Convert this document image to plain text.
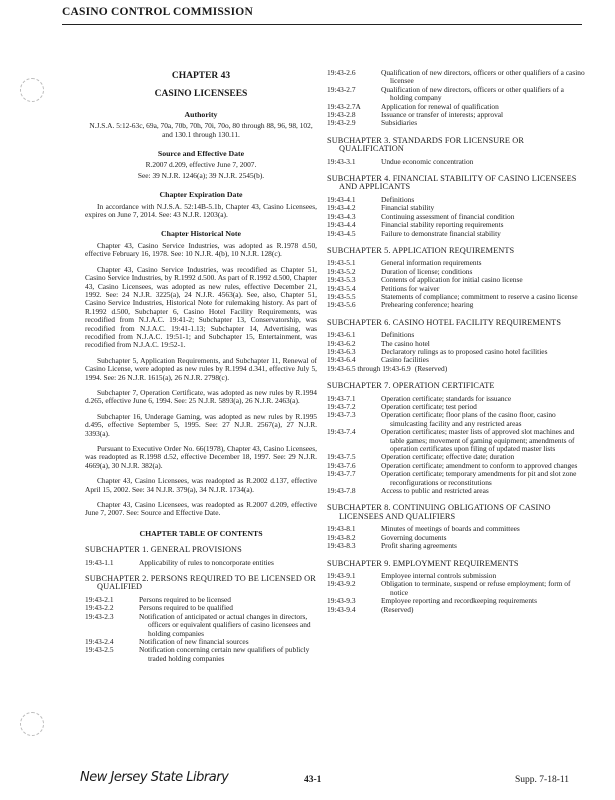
CASINO CONTROL COMMISSION
CHAPTER 43
CASINO LICENSEES
Authority
N.J.S.A. 5:12-63c, 69a, 70a, 70b, 70h, 70i, 70o, 80 through 88, 96, 98, 102, and 130.1 through 130.11.
Source and Effective Date
R.2007 d.209, effective June 7, 2007.
See: 39 N.J.R. 1246(a); 39 N.J.R. 2545(b).
Chapter Expiration Date
In accordance with N.J.S.A. 52:14B-5.1b, Chapter 43, Casino Licensees, expires on June 7, 2014. See: 43 N.J.R. 1203(a).
Chapter Historical Note
Chapter 43, Casino Service Industries, was adopted as R.1978 d.50, effective February 16, 1978. See: 10 N.J.R. 4(b), 10 N.J.R. 128(c).
Chapter 43, Casino Service Industries, was recodified as Chapter 51, Casino Service Industries, by R.1992 d.500. As part of R.1992 d.500, Chapter 43, Casino Licensees, was adopted as new rules, effective December 21, 1992. See: 24 N.J.R. 3225(a), 24 N.J.R. 4563(a). See, also, Chapter 51, Casino Service Industries, Historical Note for rulemaking history. As part of R.1992 d.500, Subchapter 6, Casino Hotel Facility Requirements, was recodified from N.J.A.C. 19:41-2; Subchapter 13, Conservatorship, was recodified from N.J.A.C. 19:41-1.13; Subchapter 14, Advertising, was recodified from N.J.A.C. 19:51-1; and Subchapter 15, Entertainment, was recodified from N.J.A.C. 19:52-1.
Subchapter 5, Application Requirements, and Subchapter 11, Renewal of Casino License, were adopted as new rules by R.1994 d.341, effective July 5, 1994. See: 26 N.J.R. 1615(a), 26 N.J.R. 2798(c).
Subchapter 7, Operation Certificate, was adopted as new rules by R.1994 d.265, effective June 6, 1994. See: 25 N.J.R. 5893(a), 26 N.J.R. 2463(a).
Subchapter 16, Underage Gaming, was adopted as new rules by R.1995 d.495, effective September 5, 1995. See: 27 N.J.R. 2567(a), 27 N.J.R. 3393(a).
Pursuant to Executive Order No. 66(1978), Chapter 43, Casino Licensees, was readopted as R.1998 d.52, effective December 18, 1997. See: 29 N.J.R. 4669(a), 30 N.J.R. 382(a).
Chapter 43, Casino Licensees, was readopted as R.2002 d.137, effective April 15, 2002. See: 34 N.J.R. 379(a), 34 N.J.R. 1734(a).
Chapter 43, Casino Licensees, was readopted as R.2007 d.209, effective June 7, 2007. See: Source and Effective Date.
CHAPTER TABLE OF CONTENTS
SUBCHAPTER 1. GENERAL PROVISIONS
19:43-1.1	Applicability of rules to noncorporate entities
SUBCHAPTER 2. PERSONS REQUIRED TO BE LICENSED OR QUALIFIED
19:43-2.1	Persons required to be licensed
19:43-2.2	Persons required to be qualified
19:43-2.3	Notification of anticipated or actual changes in directors, officers or equivalent qualifiers of casino licensees and holding companies
19:43-2.4	Notification of new financial sources
19:43-2.5	Notification concerning certain new qualifiers of publicly traded holding companies
19:43-2.6	Qualification of new directors, officers or other qualifiers of a casino licensee
19:43-2.7	Qualification of new directors, officers or other qualifiers of a holding company
19:43-2.7A	Application for renewal of qualification
19:43-2.8	Issuance or transfer of interests; approval
19:43-2.9	Subsidiaries
SUBCHAPTER 3. STANDARDS FOR LICENSURE OR QUALIFICATION
19:43-3.1	Undue economic concentration
SUBCHAPTER 4. FINANCIAL STABILITY OF CASINO LICENSEES AND APPLICANTS
19:43-4.1	Definitions
19:43-4.2	Financial stability
19:43-4.3	Continuing assessment of financial condition
19:43-4.4	Financial stability reporting requirements
19:43-4.5	Failure to demonstrate financial stability
SUBCHAPTER 5. APPLICATION REQUIREMENTS
19:43-5.1	General information requirements
19:43-5.2	Duration of license; conditions
19:43-5.3	Contents of application for initial casino license
19:43-5.4	Petitions for waiver
19:43-5.5	Statements of compliance; commitment to reserve a casino license
19:43-5.6	Prehearing conference; hearing
SUBCHAPTER 6. CASINO HOTEL FACILITY REQUIREMENTS
19:43-6.1	Definitions
19:43-6.2	The casino hotel
19:43-6.3	Declaratory rulings as to proposed casino hotel facilities
19:43-6.4	Casino facilities
19:43-6.5 through 19:43-6.9 (Reserved)
SUBCHAPTER 7. OPERATION CERTIFICATE
19:43-7.1	Operation certificate; standards for issuance
19:43-7.2	Operation certificate; test period
19:43-7.3	Operation certificate; floor plans of the casino floor, casino simulcasting facility and any restricted areas
19:43-7.4	Operation certificates; master lists of approved slot machines and table games; movement of gaming equipment; amendments of operation certificates upon filing of updated master lists
19:43-7.5	Operation certificate; effective date; duration
19:43-7.6	Operation certificate; amendment to conform to approved changes
19:43-7.7	Operation certificate; temporary amendments for pit and slot zone reconfigurations or reconstitutions
19:43-7.8	Access to public and restricted areas
SUBCHAPTER 8. CONTINUING OBLIGATIONS OF CASINO LICENSEES AND QUALIFIERS
19:43-8.1	Minutes of meetings of boards and committees
19:43-8.2	Governing documents
19:43-8.3	Profit sharing agreements
SUBCHAPTER 9. EMPLOYMENT REQUIREMENTS
19:43-9.1	Employee internal controls submission
19:43-9.2	Obligation to terminate, suspend or refuse employment; form of notice
19:43-9.3	Employee reporting and recordkeeping requirements
19:43-9.4	(Reserved)
New Jersey State Library	43-1	Supp. 7-18-11
